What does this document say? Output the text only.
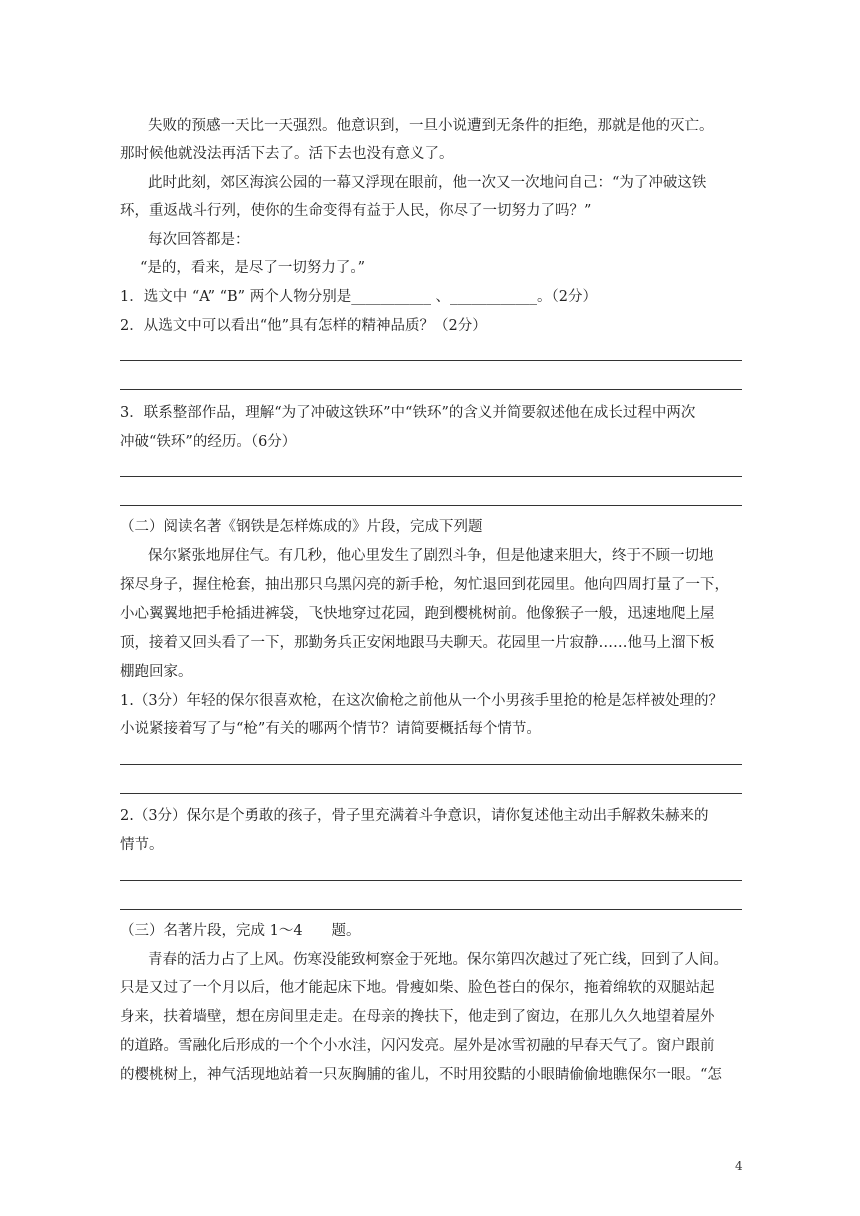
失败的预感一天比一天强烈。他意识到，一旦小说遭到无条件的拒绝，那就是他的灭亡。
那时候他就没法再活下去了。活下去也没有意义了。
此时此刻，郊区海滨公园的一幕又浮现在眼前，他一次又一次地问自己：“为了冲破这铁
环，重返战斗行列，使你的生命变得有益于人民，你尽了一切努力了吗？”
每次回答都是：
“是的，看来，是尽了一切努力了。”
1．选文中 “A” “B” 两个人物分别是___________ 、____________。（2分）
2．从选文中可以看出“他”具有怎样的精神品质？（2分）
3．联系整部作品，理解“为了冲破这铁环”中“铁环”的含义并简要叙述他在成长过程中两次
冲破“铁环”的经历。（6分）
（二）阅读名著《钢铁是怎样炼成的》片段，完成下列题
保尔紧张地屏住气。有几秒，他心里发生了剧烈斗争，但是他逮来胆大，终于不顾一切地
探尽身子，握住枪套，抽出那只乌黑闪亮的新手枪，匆忙退回到花园里。他向四周打量了一下，
小心翼翼地把手枪插进裤袋，飞快地穿过花园，跑到樱桃树前。他像猴子一般，迅速地爬上屋
顶，接着又回头看了一下，那勤务兵正安闲地跟马夫聊天。花园里一片寂静……他马上溜下板
棚跑回家。
1.（3分）年轻的保尔很喜欢枪，在这次偷枪之前他从一个小男孩手里抢的枪是怎样被处理的？
小说紧接着写了与“枪”有关的哪两个情节？请简要概括每个情节。
2.（3分）保尔是个勇敢的孩子，骨子里充满着斗争意识，请你复述他主动出手解救朱赫来的
情节。
（三）名著片段，完成 1～4　　题。
青春的活力占了上风。伤寒没能致柯察金于死地。保尔第四次越过了死亡线，回到了人间。
只是又过了一个月以后，他才能起床下地。骨瘦如柴、脸色苍白的保尔，拖着绵软的双腿站起
身来，扶着墙壁，想在房间里走走。在母亲的搀扶下，他走到了窗边，在那儿久久地望着屋外
的道路。雪融化后形成的一个个小水洼，闪闪发亮。屋外是冰雪初融的早春天气了。窗户跟前
的樱桃树上，神气活现地站着一只灰胸脯的雀儿，不时用狡黠的小眼睛偷偷地瞧保尔一眼。“怎
4
